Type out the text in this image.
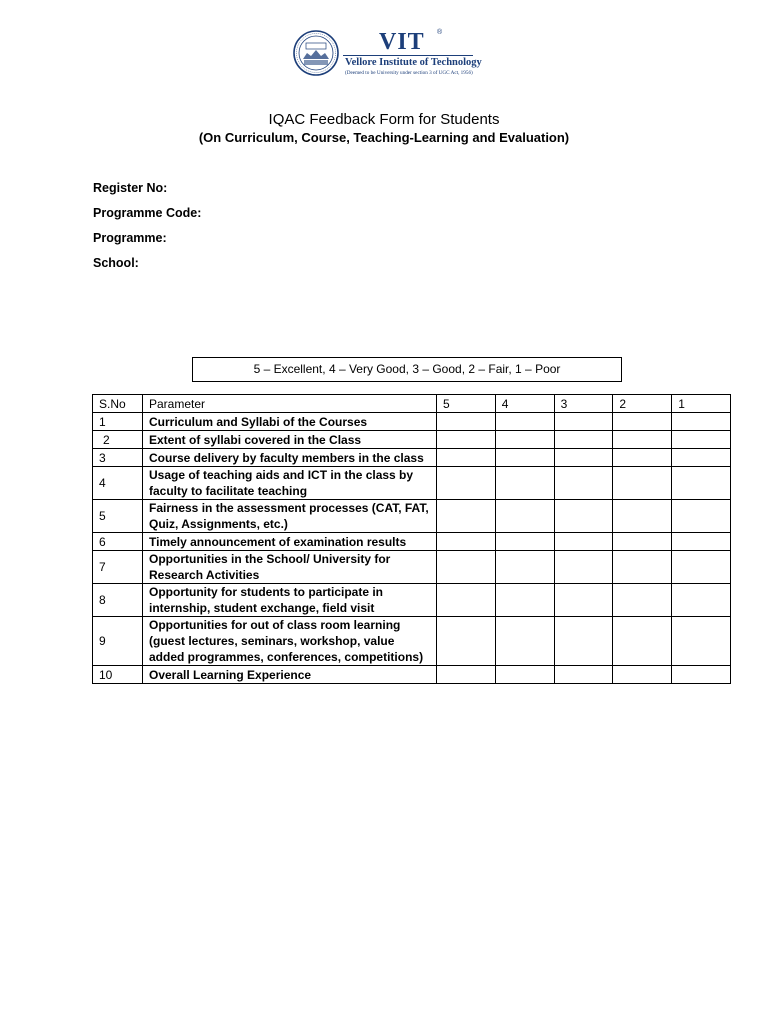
VIT ®
Vellore Institute of Technology
(Deemed to be University under section 3 of UGC Act, 1956)
IQAC Feedback Form for Students
(On Curriculum, Course, Teaching-Learning and Evaluation)
Register No:
Programme Code:
Programme:
School:
5 – Excellent, 4 – Very Good, 3 – Good, 2 – Fair, 1 – Poor
S.No	Parameter	5	4	3	2	1
1	Curriculum and Syllabi of the Courses					
2	Extent of syllabi covered in the Class					
3	Course delivery by faculty members in the class					
4	Usage of teaching aids and ICT in the class by faculty to facilitate teaching					
5	Fairness in the assessment processes (CAT, FAT, Quiz, Assignments, etc.)					
6	Timely announcement of examination results					
7	Opportunities in the School/ University for Research Activities					
8	Opportunity for students to participate in internship, student exchange, field visit					
9	Opportunities for out of class room learning (guest lectures, seminars, workshop, value added programmes, conferences, competitions)					
10	Overall Learning Experience					
